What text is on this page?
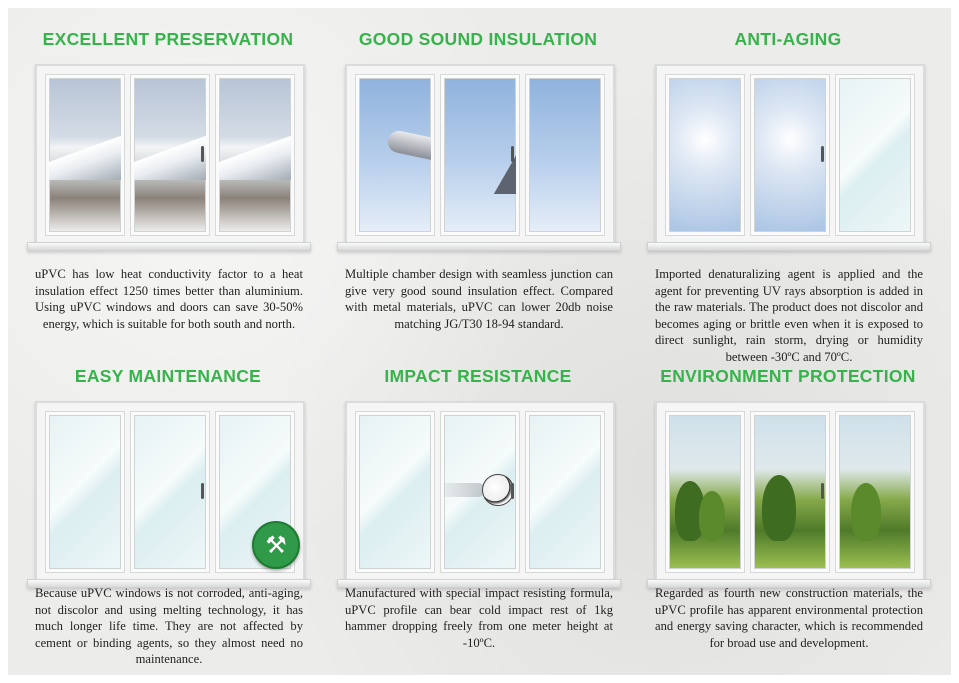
EXCELLENT PRESERVATION
uPVC has low heat conductivity factor to a heat insulation effect 1250 times better than aluminium. Using uPVC windows and doors can save 30-50% energy, which is suitable for both south and north.
GOOD SOUND INSULATION
Multiple chamber design with seamless junction can give very good sound insulation effect. Compared with metal materials, uPVC can lower 20db noise matching JG/T30 18-94 standard.
ANTI-AGING
Imported denaturalizing agent is applied and the agent for preventing UV rays absorption is added in the raw materials. The product does not discolor and becomes aging or brittle even when it is exposed to direct sunlight, rain storm, drying or humidity between -30ºC and 70ºC.
EASY MAINTENANCE
⚒
Because uPVC windows is not corroded, anti-aging, not discolor and using melting technology, it has much longer life time. They are not affected by cement or binding agents, so they almost need no maintenance.
IMPACT RESISTANCE
Manufactured with special impact resisting formula, uPVC profile can bear cold impact rest of 1kg hammer dropping freely from one meter height at -10ºC.
ENVIRONMENT PROTECTION
Regarded as fourth new construction materials, the uPVC profile has apparent environmental protection and energy saving character, which is recommended for broad use and development.
